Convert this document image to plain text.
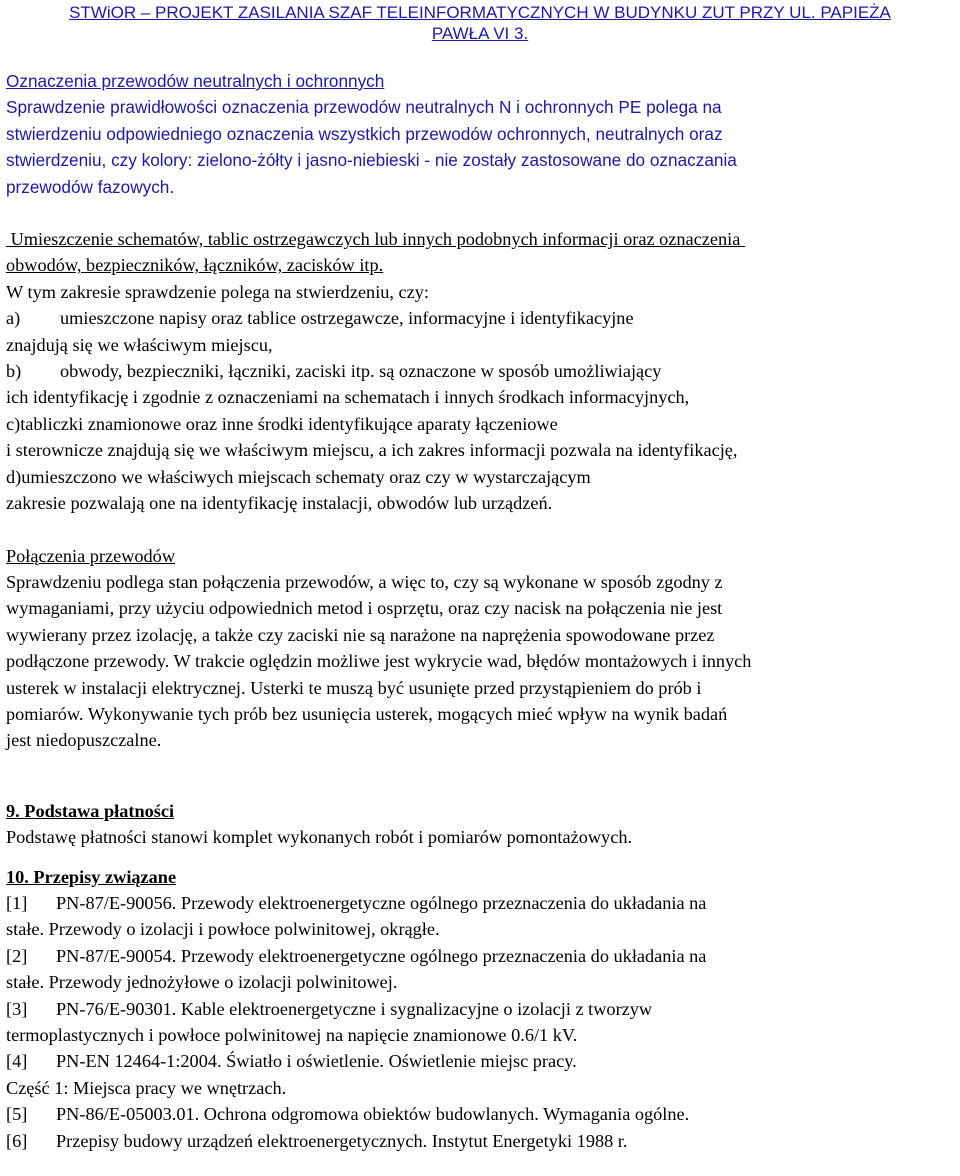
STWiOR – PROJEKT ZASILANIA SZAF TELEINFORMATYCZNYCH W BUDYNKU ZUT PRZY UL. PAPIEŻA
PAWŁA VI 3.
Oznaczenia przewodów neutralnych i ochronnych
Sprawdzenie prawidłowości oznaczenia przewodów neutralnych N i ochronnych PE polega na
stwierdzeniu odpowiedniego oznaczenia wszystkich przewodów ochronnych, neutralnych oraz
stwierdzeniu, czy kolory: zielono-żółty i jasno-niebieski - nie zostały zastosowane do oznaczania
przewodów fazowych.
Umieszczenie schematów, tablic ostrzegawczych lub innych podobnych informacji oraz oznaczenia
obwodów, bezpieczników, łączników, zacisków itp.
W tym zakresie sprawdzenie polega na stwierdzeniu, czy:
a) umieszczone napisy oraz tablice ostrzegawcze, informacyjne i identyfikacyjne
znajdują się we właściwym miejscu,
b) obwody, bezpieczniki, łączniki, zaciski itp. są oznaczone w sposób umożliwiający
ich identyfikację i zgodnie z oznaczeniami na schematach i innych środkach informacyjnych,
c)tabliczki znamionowe oraz inne środki identyfikujące aparaty łączeniowe
i sterownicze znajdują się we właściwym miejscu, a ich zakres informacji pozwala na identyfikację,
d)umieszczono we właściwych miejscach schematy oraz czy w wystarczającym
zakresie pozwalają one na identyfikację instalacji, obwodów lub urządzeń.
Połączenia przewodów
Sprawdzeniu podlega stan połączenia przewodów, a więc to, czy są wykonane w sposób zgodny z
wymaganiami, przy użyciu odpowiednich metod i osprzętu, oraz czy nacisk na połączenia nie jest
wywierany przez izolację, a także czy zaciski nie są narażone na naprężenia spowodowane przez
podłączone przewody. W trakcie oględzin możliwe jest wykrycie wad, błędów montażowych i innych
usterek w instalacji elektrycznej. Usterki te muszą być usunięte przed przystąpieniem do prób i
pomiarów. Wykonywanie tych prób bez usunięcia usterek, mogących mieć wpływ na wynik badań
jest niedopuszczalne.
9. Podstawa płatności
Podstawę płatności stanowi komplet wykonanych robót i pomiarów pomontażowych.
10. Przepisy związane
[1] PN-87/E-90056. Przewody elektroenergetyczne ogólnego przeznaczenia do układania na
stałe. Przewody o izolacji i powłoce polwinitowej, okrągłe.
[2] PN-87/E-90054. Przewody elektroenergetyczne ogólnego przeznaczenia do układania na
stałe. Przewody jednożyłowe o izolacji polwinitowej.
[3] PN-76/E-90301. Kable elektroenergetyczne i sygnalizacyjne o izolacji z tworzyw
termoplastycznych i powłoce polwinitowej na napięcie znamionowe 0.6/1 kV.
[4] PN-EN 12464-1:2004. Światło i oświetlenie. Oświetlenie miejsc pracy.
Część 1: Miejsca pracy we wnętrzach.
[5] PN-86/E-05003.01. Ochrona odgromowa obiektów budowlanych. Wymagania ogólne.
[6] Przepisy budowy urządzeń elektroenergetycznych. Instytut Energetyki 1988 r.
